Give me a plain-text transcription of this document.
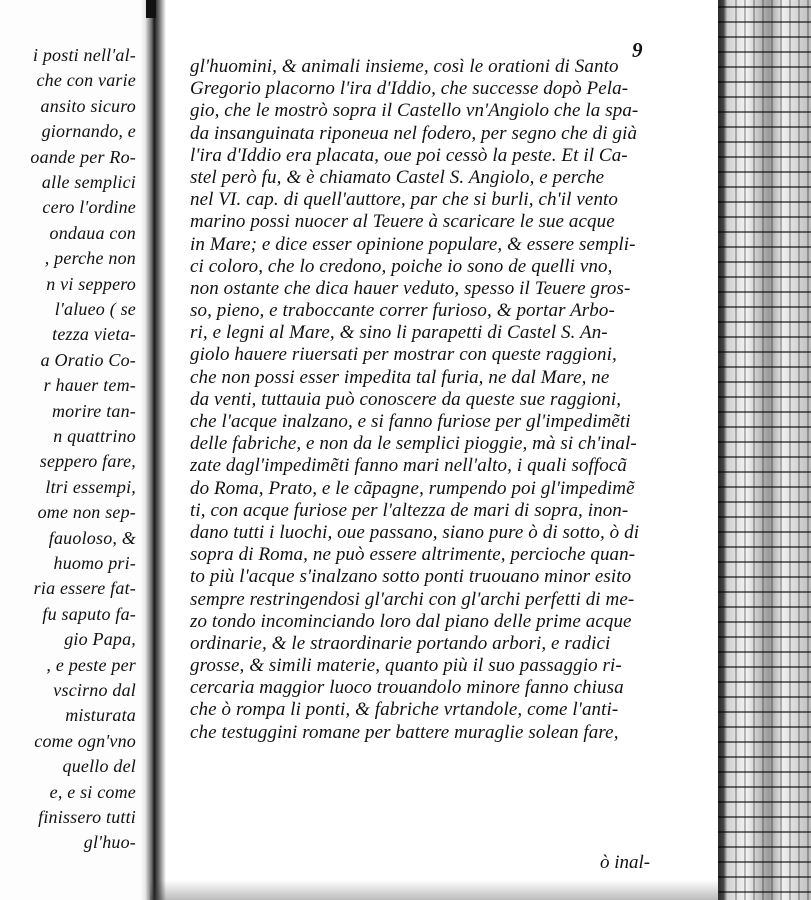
i posti nell'al-
che con varie
ansito sicuro
giornando, e
oande per Ro-
alle semplici
cero l'ordine
ondaua con
, perche non
n vi seppero
l'alueo ( se
tezza vieta-
a Oratio Co-
r hauer tem-
morire tan-
n quattrino
seppero fare,
ltri essempi,
ome non sep-
fauoloso, &
huomo pri-
ria essere fat-
fu saputo fa-
gio Papa,
, e peste per
vscirno dal
misturata
come ogn'vno
quello del
e, e si come
finissero tutti
gl'huo-
9
gl'huomini, & animali insieme, così le orationi di Santo
Gregorio placorno l'ira d'Iddio, che successe dopò Pela-
gio, che le mostrò sopra il Castello vn'Angiolo che la spa-
da insanguinata riponeua nel fodero, per segno che di già
l'ira d'Iddio era placata, oue poi cessò la peste. Et il Ca-
stel però fu, & è chiamato Castel S. Angiolo, e perche
nel VI. cap. di quell'auttore, par che si burli, ch'il vento
marino possi nuocer al Teuere à scaricare le sue acque
in Mare; e dice esser opinione populare, & essere sempli-
ci coloro, che lo credono, poiche io sono de quelli vno,
non ostante che dica hauer veduto, spesso il Teuere gros-
so, pieno, e traboccante correr furioso, & portar Arbo-
ri, e legni al Mare, & sino li parapetti di Castel S. An-
giolo hauere riuersati per mostrar con queste raggioni,
che non possi esser impedita tal furia, ne dal Mare, ne
da venti, tuttauia può conoscere da queste sue raggioni,
che l'acque inalzano, e si fanno furiose per gl'impedimẽti
delle fabriche, e non da le semplici pioggie, mà si ch'inal-
zate dagl'impedimẽti fanno mari nell'alto, i quali soffocã
do Roma, Prato, e le cãpagne, rumpendo poi gl'impedimẽ
ti, con acque furiose per l'altezza de mari di sopra, inon-
dano tutti i luochi, oue passano, siano pure ò di sotto, ò di
sopra di Roma, ne può essere altrimente, percioche quan-
to più l'acque s'inalzano sotto ponti truouano minor esito
sempre restringendosi gl'archi con gl'archi perfetti di me-
zo tondo incominciando loro dal piano delle prime acque
ordinarie, & le straordinarie portando arbori, e radici
grosse, & simili materie, quanto più il suo passaggio ri-
cercaria maggior luoco trouandolo minore fanno chiusa
che ò rompa li ponti, & fabriche vrtandole, come l'anti-
che testuggini romane per battere muraglie solean fare,
ò inal-
